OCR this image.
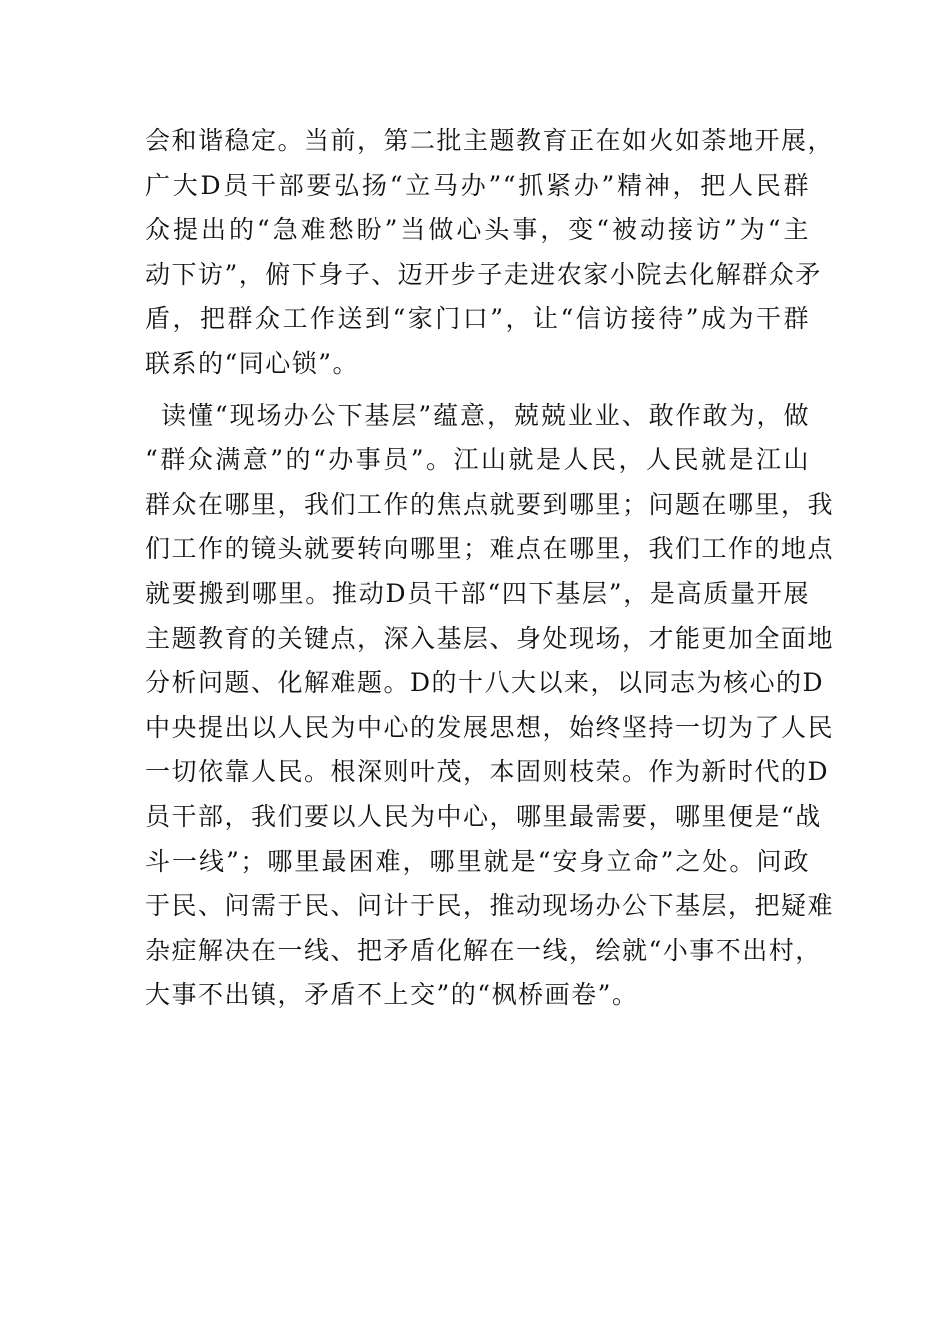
会和谐稳定。当前，第二批主题教育正在如火如荼地开展，
广大D员干部要弘扬“立马办”“抓紧办”精神，把人民群
众提出的“急难愁盼”当做心头事，变“被动接访”为“主
动下访”，俯下身子、迈开步子走进农家小院去化解群众矛
盾，把群众工作送到“家门口”，让“信访接待”成为干群
联系的“同心锁”。
读懂“现场办公下基层”蕴意，兢兢业业、敢作敢为，做
“群众满意”的“办事员”。江山就是人民，人民就是江山
群众在哪里，我们工作的焦点就要到哪里；问题在哪里，我
们工作的镜头就要转向哪里；难点在哪里，我们工作的地点
就要搬到哪里。推动D员干部“四下基层”，是高质量开展
主题教育的关键点，深入基层、身处现场，才能更加全面地
分析问题、化解难题。D的十八大以来，以同志为核心的D
中央提出以人民为中心的发展思想，始终坚持一切为了人民
一切依靠人民。根深则叶茂，本固则枝荣。作为新时代的D
员干部，我们要以人民为中心，哪里最需要，哪里便是“战
斗一线”；哪里最困难，哪里就是“安身立命”之处。问政
于民、问需于民、问计于民，推动现场办公下基层，把疑难
杂症解决在一线、把矛盾化解在一线，绘就“小事不出村，
大事不出镇，矛盾不上交”的“枫桥画卷”。
